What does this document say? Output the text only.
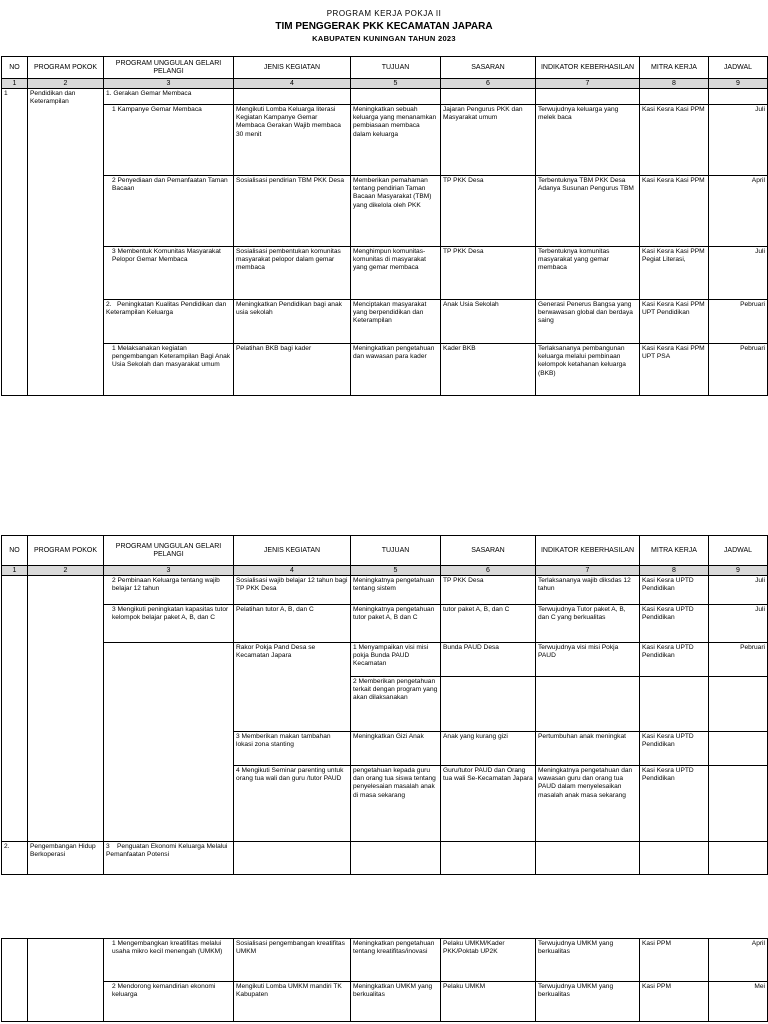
PROGRAM KERJA POKJA II
TIM PENGGERAK PKK KECAMATAN JAPARA
KABUPATEN KUNINGAN TAHUN 2023
NO	PROGRAM POKOK	PROGRAM UNGGULAN GELARI PELANGI	JENIS KEGIATAN	TUJUAN	SASARAN	INDIKATOR KEBERHASILAN	MITRA KERJA	JADWAL
1	2	3	4	5	6	7	8	9
1	Pendidikan dan Keterampilan	1. Gerakan Gemar Membaca						
		1 Kampanye Gemar Membaca	Mengikuti Lomba Keluarga literasi Kegiatan Kampanye Gemar Membaca Gerakan Wajib membaca 30 menit	Meningkatkan sebuah keluarga yang menanamkan pembiasaan membaca dalam keluarga	Jajaran Pengurus PKK dan Masyarakat umum	Terwujudnya keluarga yang melek baca	Kasi Kesra Kasi PPM	Juli
		2 Penyediaan dan Pemanfaatan Taman Bacaan	Sosialisasi pendirian TBM PKK Desa	Memberikan pemahaman tentang pendirian Taman Bacaan Masyarakat (TBM) yang dikelola oleh PKK	TP PKK Desa	Terbentuknya TBM PKK Desa Adanya Susunan Pengurus TBM	Kasi Kesra Kasi PPM	April
		3 Membentuk Komunitas Masyarakat Pelopor Gemar Membaca	Sosialisasi pembentukan komunitas masyarakat pelopor dalam gemar membaca	Menghimpun komunitas-komunitas di masyarakat yang gemar membaca	TP PKK Desa	Terbentuknya komunitas masyarakat yang gemar membaca	Kasi Kesra Kasi PPM Pegiat Literasi,	Juli
		2. Peningkatan Kualitas Pendidikan dan Keterampilan Keluarga	Meningkatkan Pendidikan bagi anak usia sekolah	Menciptakan masyarakat yang berpendidikan dan Keterampilan	Anak Usia Sekolah	Generasi Penerus Bangsa yang berwawasan global dan berdaya saing	Kasi Kesra Kasi PPM UPT Pendidikan	Pebruari
		1 Melaksanakan kegiatan pengembangan Keterampilan Bagi Anak Usia Sekolah dan masyarakat umum	Pelatihan BKB bagi kader	Meningkatkan pengetahuan dan wawasan para kader	Kader BKB	Terlaksananya pembangunan keluarga melalui pembinaan kelompok ketahanan keluarga (BKB)	Kasi Kesra Kasi PPM UPT PSA	Pebruari
NO	PROGRAM POKOK	PROGRAM UNGGULAN GELARI PELANGI	JENIS KEGIATAN	TUJUAN	SASARAN	INDIKATOR KEBERHASILAN	MITRA KERJA	JADWAL
1	2	3	4	5	6	7	8	9
		2 Pembinaan Keluarga tentang wajib belajar 12 tahun	Sosialisasi wajib belajar 12 tahun bagi TP PKK Desa	Meningkatnya pengetahuan tentang sistem	TP PKK Desa	Terlaksananya wajib diksdas 12 tahun	Kasi Kesra UPTD Pendidikan	Juli
		3 Mengikuti peningkatan kapasitas tutor kelompok belajar paket A, B, dan C	Pelatihan tutor A, B, dan C	Meningkatnya pengetahuan tutor paket A, B dan C	tutor paket A, B, dan C	Terwujudnya Tutor paket A, B, dan C yang berkualitas	Kasi Kesra UPTD Pendidikan	Juli
			Rakor Pokja Pand Desa se Kecamatan Japara	1 Menyampaikan visi misi pokja Bunda PAUD Kecamatan	Bunda PAUD Desa	Terwujudnya visi misi Pokja PAUD	Kasi Kesra UPTD Pendidikan	Pebruari
				2 Memberikan pengetahuan terkait dengan program yang akan dilaksanakan				
			3 Memberikan makan tambahan lokasi zona stanting	Meningkatkan Gizi Anak	Anak yang kurang gizi	Pertumbuhan anak meningkat	Kasi Kesra UPTD Pendidikan	
			4 Mengikuti Seminar parenting untuk orang tua wali dan guru /tutor PAUD	pengetahuan kepada guru dan orang tua siswa tentang penyelesaian masalah anak di masa sekarang	Guru/tutor PAUD dan Orang tua wali Se-Kecamatan Japara	Meningkatnya pengetahuan dan wawasan guru dan orang tua PAUD dalam menyelesaikan masalah anak masa sekarang	Kasi Kesra UPTD Pendidikan	
2.	Pengembangan Hidup Berkoperasi	3 Penguatan Ekonomi Keluarga Melalui Pemanfaatan Potensi						
		1 Mengembangkan kreatifitas melalui usaha mikro kecil menengah (UMKM)	Sosialisasi pengembangan kreatifitas UMKM	Meningkatkan pengetahuan tentang kreatifitas/inovasi	Pelaku UMKM/Kader PKK/Poktab UP2K	Terwujudnya UMKM yang berkualitas	Kasi PPM	April
		2 Mendorong kemandirian ekonomi keluarga	Mengikuti Lomba UMKM mandiri TK Kabupaten	Meningkatkan UMKM yang berkualitas	Pelaku UMKM	Terwujudnya UMKM yang berkualitas	Kasi PPM	Mei
